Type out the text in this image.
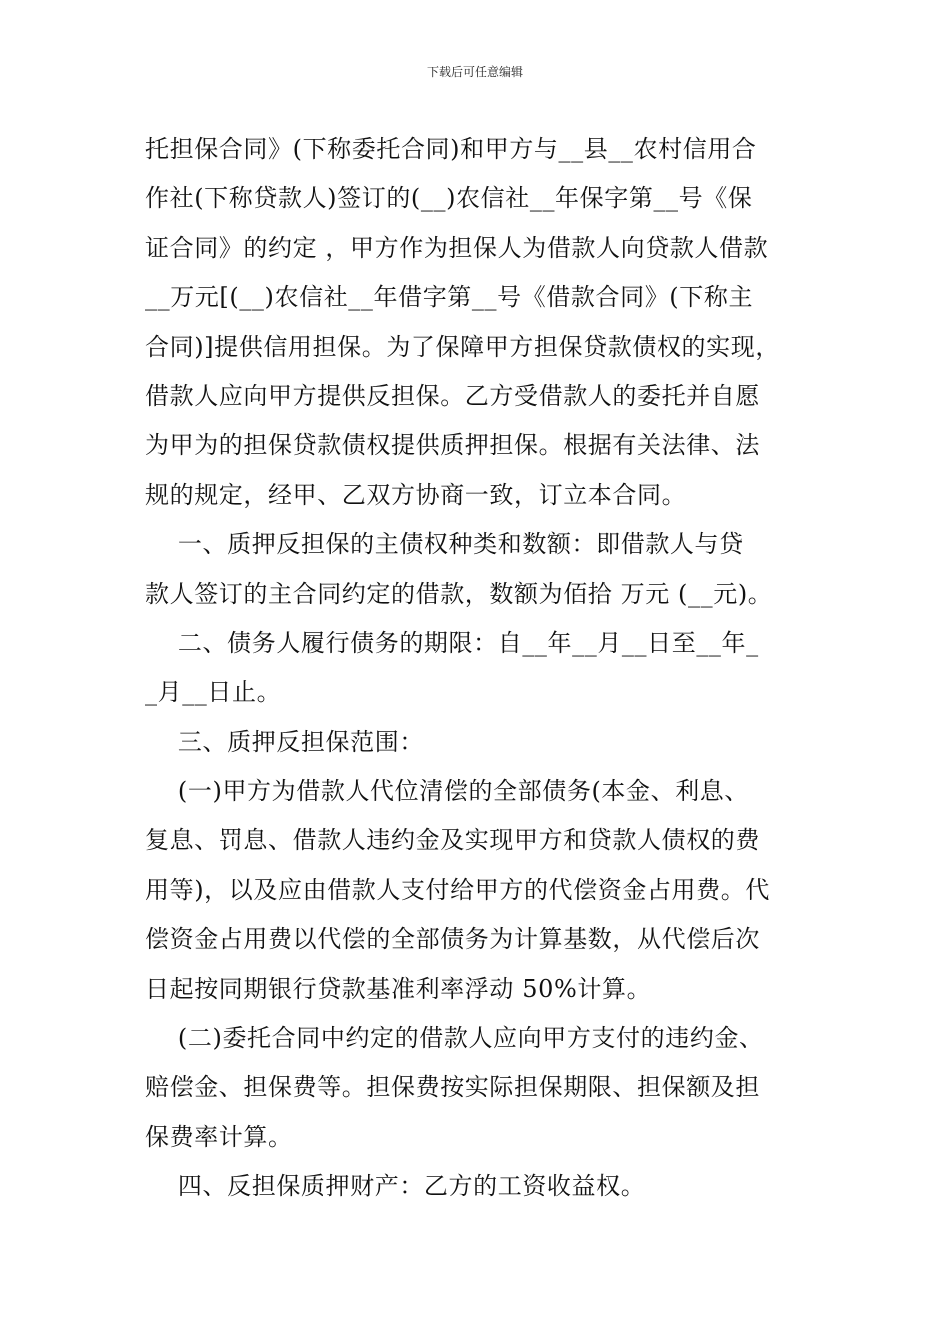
下载后可任意编辑
托担保合同》(下称委托合同)和甲方与__县__农村信用合
作社(下称贷款人)签订的(__)农信社__年保字第__号《保
证合同》的约定 ，甲方作为担保人为借款人向贷款人借款
__万元[(__)农信社__年借字第__号《借款合同》(下称主
合同)]提供信用担保。为了保障甲方担保贷款债权的实现，
借款人应向甲方提供反担保。乙方受借款人的委托并自愿
为甲为的担保贷款债权提供质押担保。根据有关法律、法
规的规定，经甲、乙双方协商一致，订立本合同。
一、质押反担保的主债权种类和数额：即借款人与贷
款人签订的主合同约定的借款，数额为佰拾 万元 (__元)。
二、债务人履行债务的期限：自__年__月__日至__年_
_月__日止。
三、质押反担保范围：
(一)甲方为借款人代位清偿的全部债务(本金、利息、
复息、罚息、借款人违约金及实现甲方和贷款人债权的费
用等)，以及应由借款人支付给甲方的代偿资金占用费。代
偿资金占用费以代偿的全部债务为计算基数，从代偿后次
日起按同期银行贷款基准利率浮动 50%计算。
(二)委托合同中约定的借款人应向甲方支付的违约金、
赔偿金、担保费等。担保费按实际担保期限、担保额及担
保费率计算。
四、反担保质押财产：乙方的工资收益权。
